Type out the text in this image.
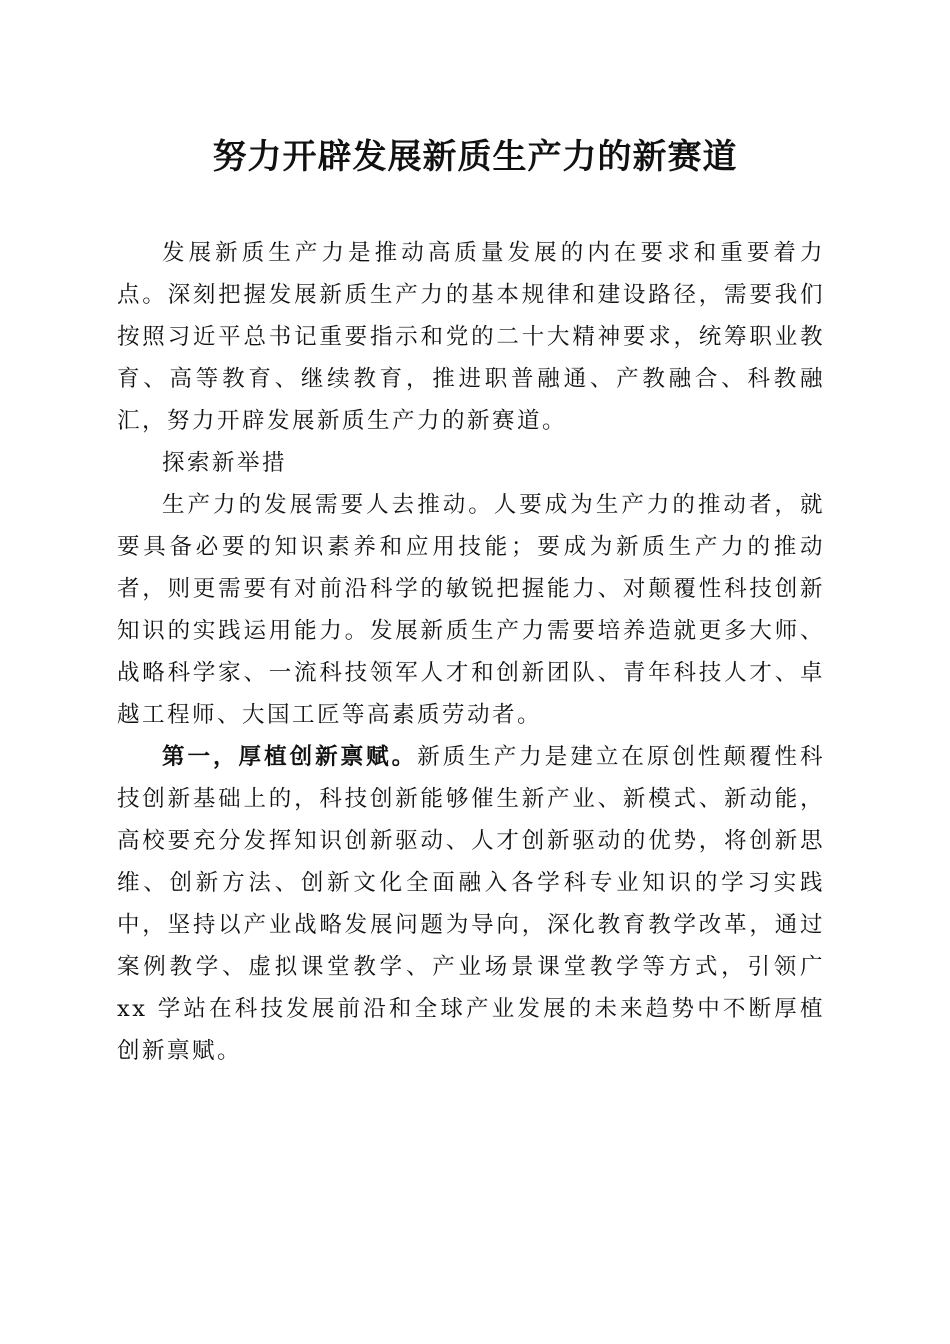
努力开辟发展新质生产力的新赛道

发展新质生产力是推动高质量发展的内在要求和重要着力点。深刻把握发展新质生产力的基本规律和建设路径，需要我们按照习近平总书记重要指示和党的二十大精神要求，统筹职业教育、高等教育、继续教育，推进职普融通、产教融合、科教融汇，努力开辟发展新质生产力的新赛道。

探索新举措

生产力的发展需要人去推动。人要成为生产力的推动者，就要具备必要的知识素养和应用技能；要成为新质生产力的推动者，则更需要有对前沿科学的敏锐把握能力、对颠覆性科技创新知识的实践运用能力。发展新质生产力需要培养造就更多大师、战略科学家、一流科技领军人才和创新团队、青年科技人才、卓越工程师、大国工匠等高素质劳动者。

第一，厚植创新禀赋。新质生产力是建立在原创性颠覆性科技创新基础上的，科技创新能够催生新产业、新模式、新动能，高校要充分发挥知识创新驱动、人才创新驱动的优势，将创新思维、创新方法、创新文化全面融入各学科专业知识的学习实践中，坚持以产业战略发展问题为导向，深化教育教学改革，通过案例教学、虚拟课堂教学、产业场景课堂教学等方式，引领广 xx 学站在科技发展前沿和全球产业发展的未来趋势中不断厚植创新禀赋。
